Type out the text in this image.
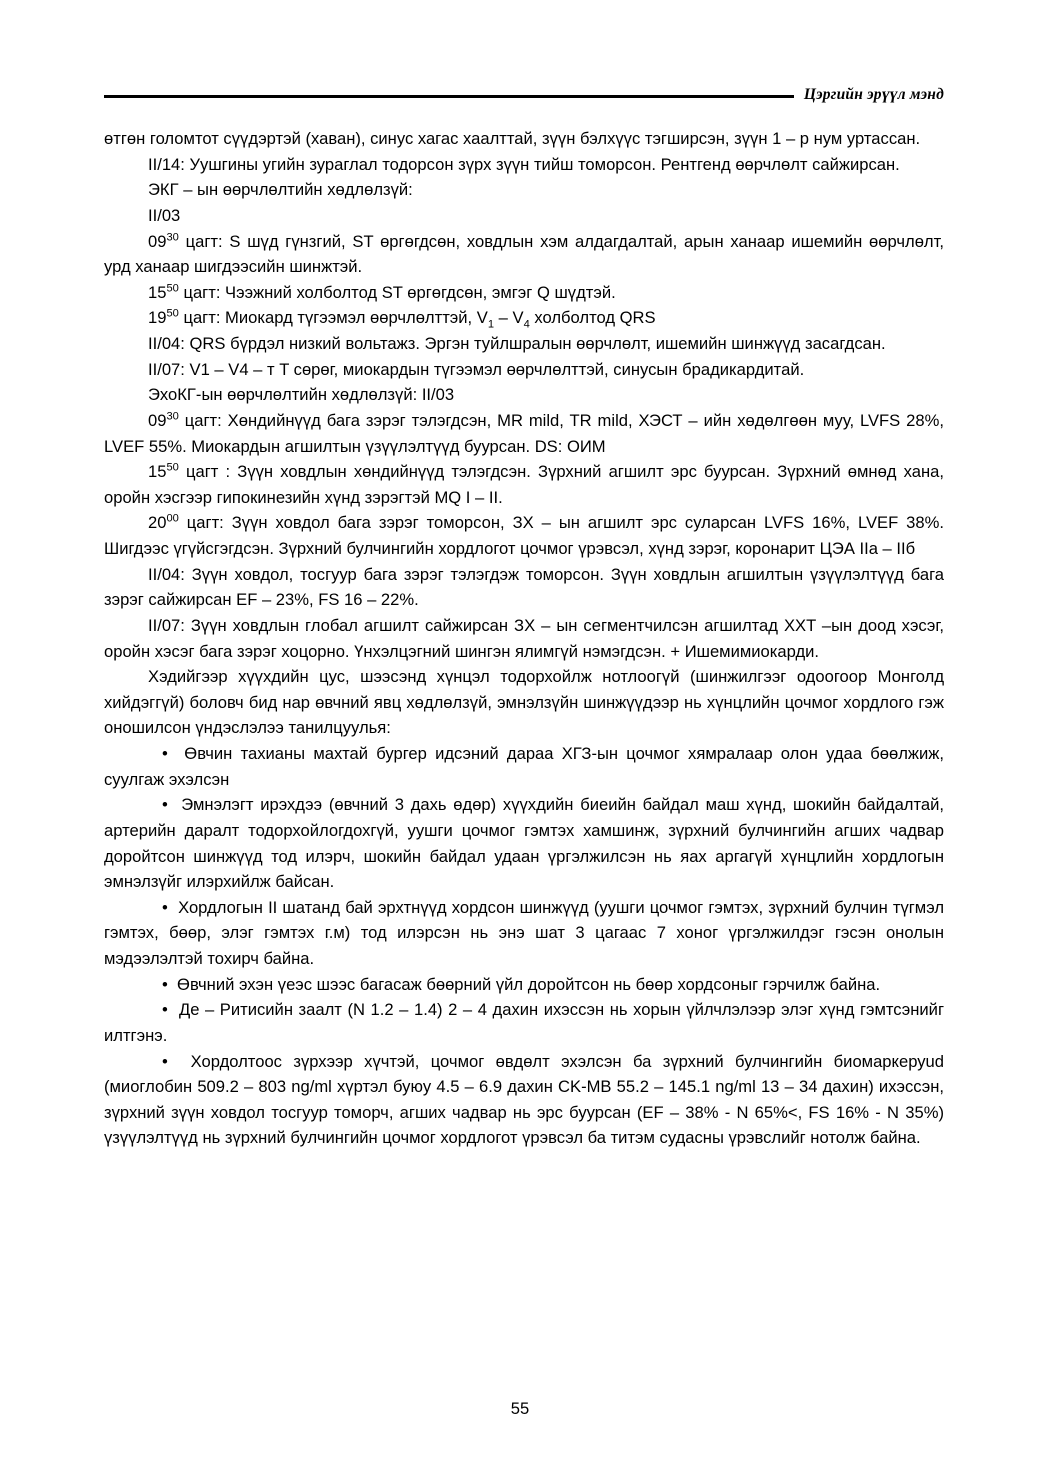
Цэргийн эрүүл мэнд

өтгөн голомтот сүүдэртэй (хаван), синус хагас хаалттай, зүүн бэлхүүс тэгширсэн, зүүн 1 – р нум уртассан.

II/14: Уушгины угийн зураглал тодорсон зүрх зүүн тийш томорсон. Рентгенд өөрчлөлт сайжирсан.

ЭКГ – ын өөрчлөлтийн хөдлөлзүй:

II/03

$09^{30}$ цагт: S шүд гүнзгий, ST өргөгдсөн, ховдлын хэм алдагдалтай, арын ханаар ишемийн өөрчлөлт, урд ханаар шигдээсийн шинжтэй.

$15^{50}$ цагт: Чээжний холболтод ST өргөгдсөн, эмгэг Q шүдтэй.

$19^{50}$ цагт: Миокард түгээмэл өөрчлөлттэй, $V_1 - V_4$ холболтод QRS

II/04: QRS бүрдэл низкий вольтажз. Эргэн туйлшралын өөрчлөлт, ишемийн шинжүүд засагдсан.

II/07: V1 – V4 – т T сөрөг, миокардын түгээмэл өөрчлөлттэй, синусын брадикардитай.

ЭхоКГ-ын өөрчлөлтийн хөдлөлзүй: II/03

$09^{30}$ цагт: Хөндийнүүд бага зэрэг тэлэгдсэн, MR mild, TR mild, ХЭСТ – ийн хөдөлгөөн муу, LVFS 28%, LVEF 55%. Миокардын агшилтын үзүүлэлтүүд буурсан. DS: ОИМ

$15^{50}$ цагт : Зүүн ховдлын хөндийнүүд тэлэгдсэн. Зүрхний агшилт эрс буурсан. Зүрхний өмнөд хана, оройн хэсгээр гипокинезийн хүнд зэрэгтэй MQ I – II.

$20^{00}$ цагт: Зүүн ховдол бага зэрэг томорсон, ЗХ – ын агшилт эрс суларсан LVFS 16%, LVEF 38%. Шигдээс үгүйсгэгдсэн. Зүрхний булчингийн хордлогот цочмог үрэвсэл, хүнд зэрэг, коронарит ЦЭА IIа – IIб

II/04: Зүүн ховдол, тосгуур бага зэрэг тэлэгдэж томорсон. Зүүн ховдлын агшилтын үзүүлэлтүүд бага зэрэг сайжирсан EF – 23%, FS 16 – 22%.

II/07: Зүүн ховдлын глобал агшилт сайжирсан ЗХ – ын сегментчилсэн агшилтад XXT –ын доод хэсэг, оройн хэсэг бага зэрэг хоцорно. Үнхэлцэгний шингэн ялимгүй нэмэгдсэн. + Ишемимиокарди.

Хэдийгээр хүүхдийн цус, шээсэнд хүнцэл тодорхойлж нотлоогүй (шинжилгээг одоогоор Монголд хийдэггүй) боловч бид нар өвчний явц хөдлөлзүй, эмнэлзүйн шинжүүдээр нь хүнцлийн цочмог хордлого гэж оношилсон үндэслэлээ танилцуулья:

•  Өвчин тахианы махтай бургер идсэний дараа ХГЗ-ын цочмог хямралаар олон удаа бөөлжиж, суулгаж эхэлсэн

•  Эмнэлэгт ирэхдээ (өвчний 3 дахь өдөр) хүүхдийн биеийн байдал маш хүнд, шокийн байдалтай, артерийн даралт тодорхойлогдохгүй, уушги цочмог гэмтэх хамшинж, зүрхний булчингийн агших чадвар доройтсон шинжүүд тод илэрч, шокийн байдал удаан үргэлжилсэн нь яах аргагүй хүнцлийн хордлогын эмнэлзүйг илэрхийлж байсан.

•  Хордлогын II шатанд бай эрхтнүүд хордсон шинжүүд (уушги цочмог гэмтэх, зүрхний булчин түгмэл гэмтэх, бөөр, элэг гэмтэх г.м) тод илэрсэн нь энэ шат 3 цагаас 7 хоног үргэлжилдэг гэсэн онолын мэдээлэлтэй тохирч байна.

•  Өвчний эхэн үеэс шээс багасаж бөөрний үйл доройтсон нь бөөр хордсоныг гэрчилж байна.

•  Де – Ритисийн заалт (N 1.2 – 1.4) 2 – 4 дахин ихэссэн нь хорын үйлчлэлээр элэг хүнд гэмтсэнийг илтгэнэ.

•  Хордолтоос зүрхээр хүчтэй, цочмог өвдөлт эхэлсэн ба зүрхний булчингийн биомаркеруud (миоглобин 509.2 – 803 ng/ml хүртэл буюу 4.5 – 6.9 дахин CK-MB 55.2 – 145.1 ng/ml 13 – 34 дахин) ихэссэн, зүрхний зүүн ховдол тосгуур томорч, агших чадвар нь эрс буурсан (EF – 38% - N 65%<, FS 16% - N 35%) үзүүлэлтүүд нь зүрхний булчингийн цочмог хордлогот үрэвсэл ба титэм судасны үрэвслийг нотолж байна.

55
